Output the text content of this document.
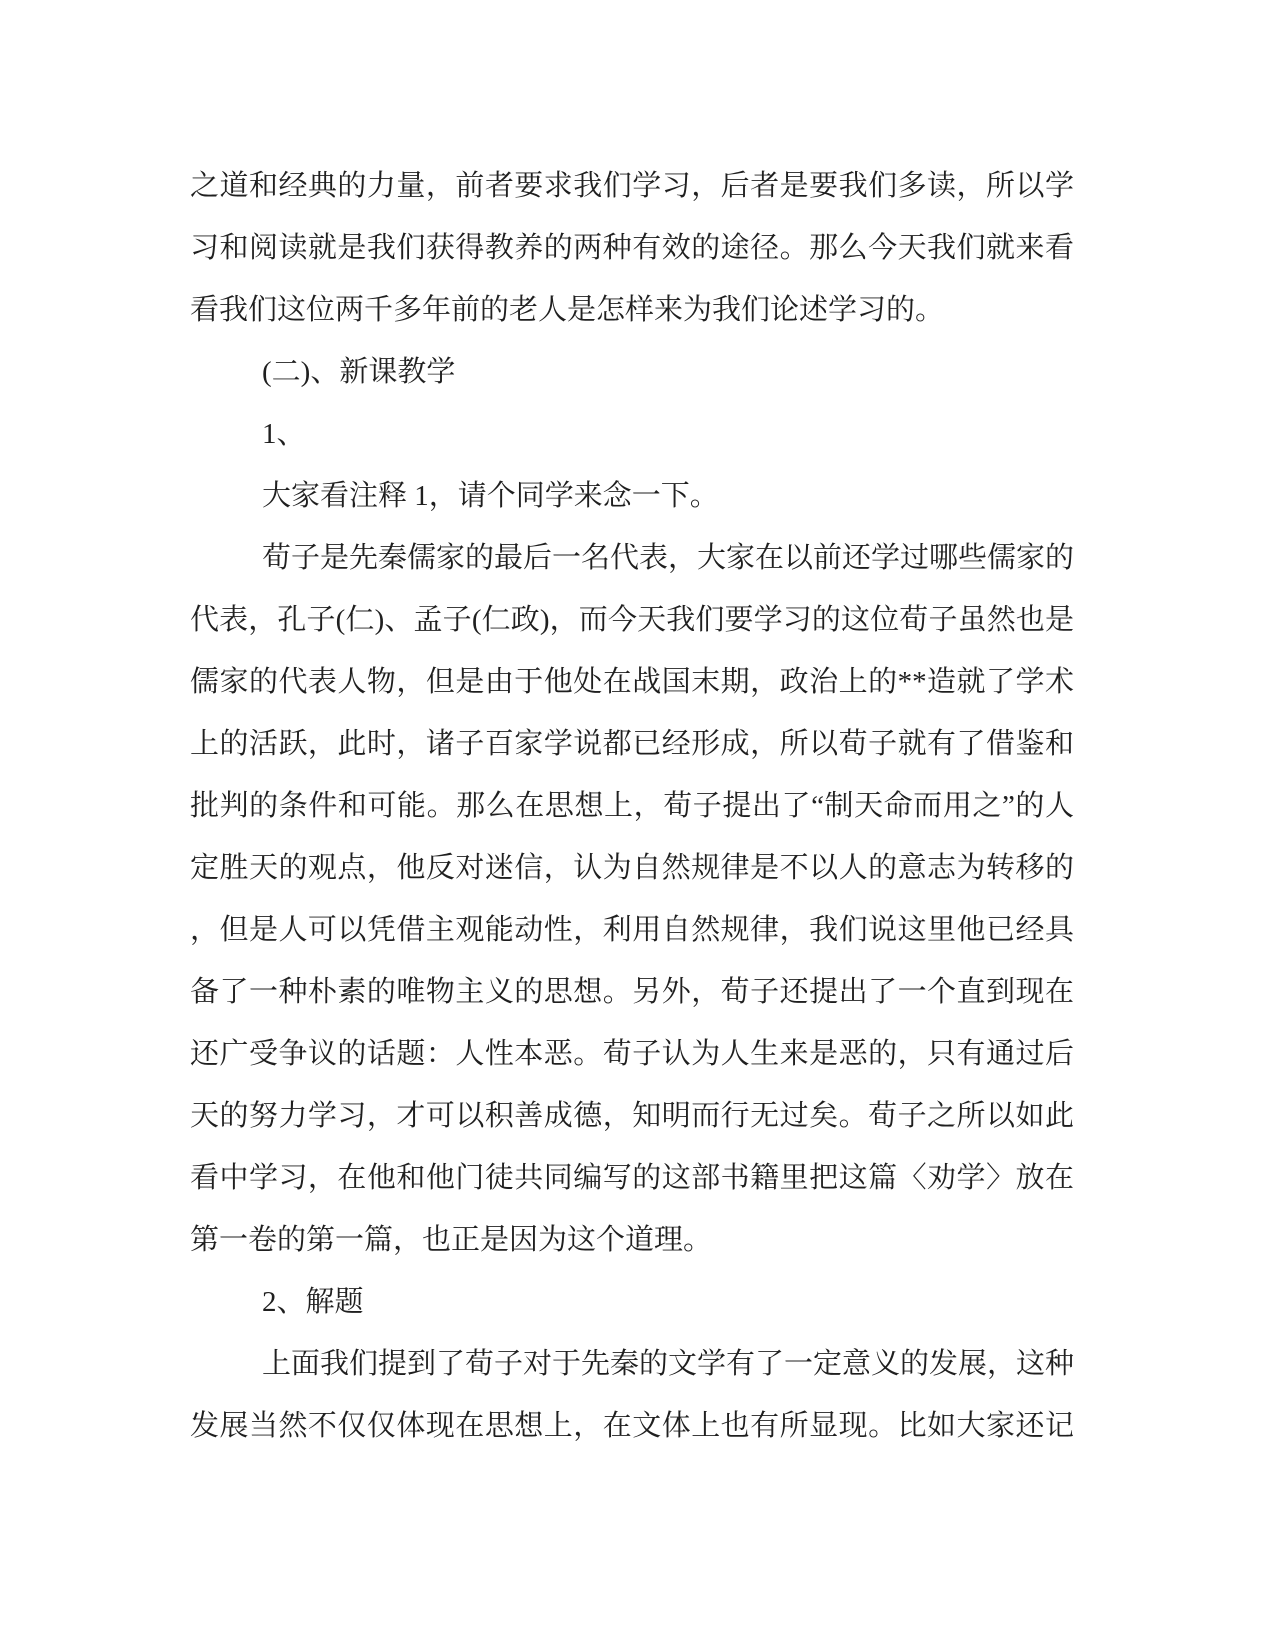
之道和经典的力量，前者要求我们学习，后者是要我们多读，所以学
习和阅读就是我们获得教养的两种有效的途径。那么今天我们就来看
看我们这位两千多年前的老人是怎样来为我们论述学习的。
(二)、新课教学
1、
大家看注释 1，请个同学来念一下。
荀子是先秦儒家的最后一名代表，大家在以前还学过哪些儒家的
代表，孔子(仁)、孟子(仁政)，而今天我们要学习的这位荀子虽然也是
儒家的代表人物，但是由于他处在战国末期，政治上的**造就了学术
上的活跃，此时，诸子百家学说都已经形成，所以荀子就有了借鉴和
批判的条件和可能。那么在思想上，荀子提出了“制天命而用之”的人
定胜天的观点，他反对迷信，认为自然规律是不以人的意志为转移的
，但是人可以凭借主观能动性，利用自然规律，我们说这里他已经具
备了一种朴素的唯物主义的思想。另外，荀子还提出了一个直到现在
还广受争议的话题：人性本恶。荀子认为人生来是恶的，只有通过后
天的努力学习，才可以积善成德，知明而行无过矣。荀子之所以如此
看中学习，在他和他门徒共同编写的这部书籍里把这篇〈劝学〉放在
第一卷的第一篇，也正是因为这个道理。
2、解题
上面我们提到了荀子对于先秦的文学有了一定意义的发展，这种
发展当然不仅仅体现在思想上，在文体上也有所显现。比如大家还记
